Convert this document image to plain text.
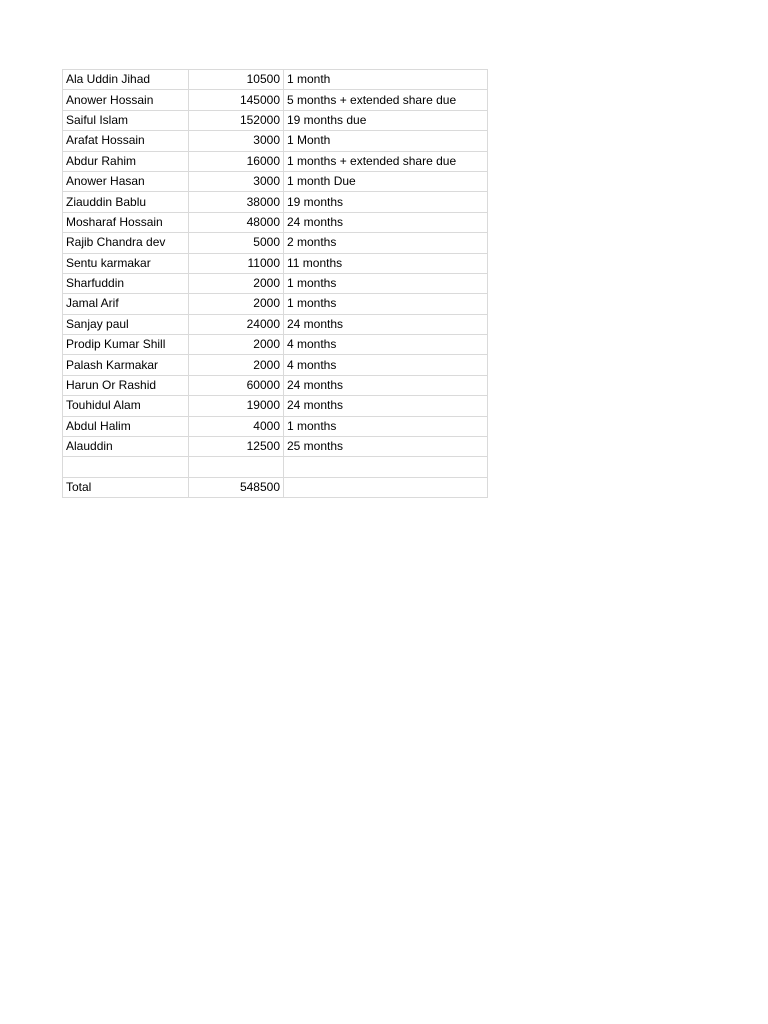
Ala Uddin Jihad	10500	1 month
Anower Hossain	145000	5 months + extended share due
Saiful Islam	152000	19 months due
Arafat Hossain	3000	1 Month
Abdur Rahim	16000	1 months + extended share due
Anower Hasan	3000	1 month Due
Ziauddin Bablu	38000	19 months
Mosharaf Hossain	48000	24 months
Rajib Chandra dev	5000	2 months
Sentu karmakar	11000	11 months
Sharfuddin	2000	1 months
Jamal Arif	2000	1 months
Sanjay paul	24000	24 months
Prodip Kumar Shill	2000	4 months
Palash Karmakar	2000	4 months
Harun Or Rashid	60000	24 months
Touhidul Alam	19000	24 months
Abdul Halim	4000	1 months
Alauddin	12500	25 months

Total	548500	
